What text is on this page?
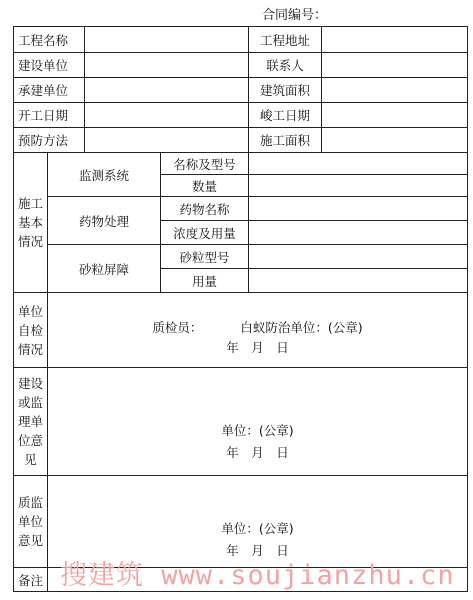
合同编号：
工程名称				工程地址	
建设单位				联系人	
承建单位				建筑面积	
开工日期				峻工日期	
预防方法				施工面积	

施工基本情况	监测系统		名称及型号		
			数量		
	药物处理		药物名称		
			浓度及用量		
	砂粒屏障		砂粒型号		
			用量		

单位自检情况	质检员： 白蚁防治单位：(公章)
年　月　日				

建设或监理单位意见	单位：(公章)
年　月　日				

质监单位意见	单位：(公章)
年　月　日				

备注					搜建筑 www.soujianzhu.cn
